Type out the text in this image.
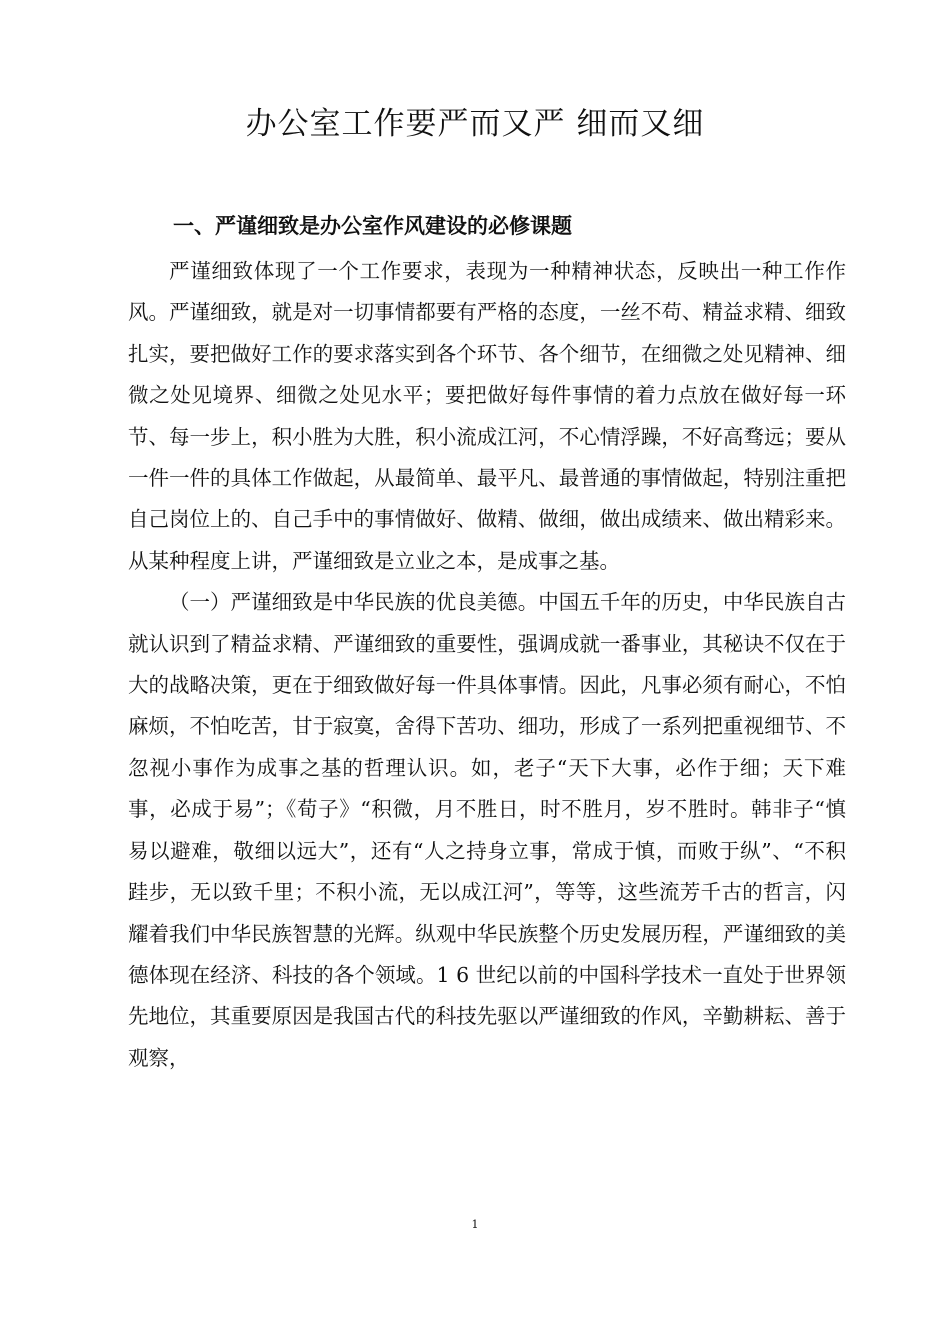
办公室工作要严而又严 细而又细
一、严谨细致是办公室作风建设的必修课题

严谨细致体现了一个工作要求，表现为一种精神状态，反映出一种工作作风。严谨细致，就是对一切事情都要有严格的态度，一丝不苟、精益求精、细致扎实，要把做好工作的要求落实到各个环节、各个细节，在细微之处见精神、细微之处见境界、细微之处见水平；要把做好每件事情的着力点放在做好每一环节、每一步上，积小胜为大胜，积小流成江河，不心情浮躁，不好高骛远；要从一件一件的具体工作做起，从最简单、最平凡、最普通的事情做起，特别注重把自己岗位上的、自己手中的事情做好、做精、做细，做出成绩来、做出精彩来。从某种程度上讲，严谨细致是立业之本，是成事之基。

（一）严谨细致是中华民族的优良美德。中国五千年的历史，中华民族自古就认识到了精益求精、严谨细致的重要性，强调成就一番事业，其秘诀不仅在于大的战略决策，更在于细致做好每一件具体事情。因此，凡事必须有耐心，不怕麻烦，不怕吃苦，甘于寂寞，舍得下苦功、细功，形成了一系列把重视细节、不忽视小事作为成事之基的哲理认识。如，老子“天下大事，必作于细；天下难事，必成于易”；《荀子》“积微，月不胜日，时不胜月，岁不胜时。韩非子“慎易以避难，敬细以远大”，还有“人之持身立事，常成于慎，而败于纵”、“不积跬步，无以致千里；不积小流，无以成江河”，等等，这些流芳千古的哲言，闪耀着我们中华民族智慧的光辉。纵观中华民族整个历史发展历程，严谨细致的美德体现在经济、科技的各个领域。1 6 世纪以前的中国科学技术一直处于世界领先地位，其重要原因是我国古代的科技先驱以严谨细致的作风，辛勤耕耘、善于观察，

1
